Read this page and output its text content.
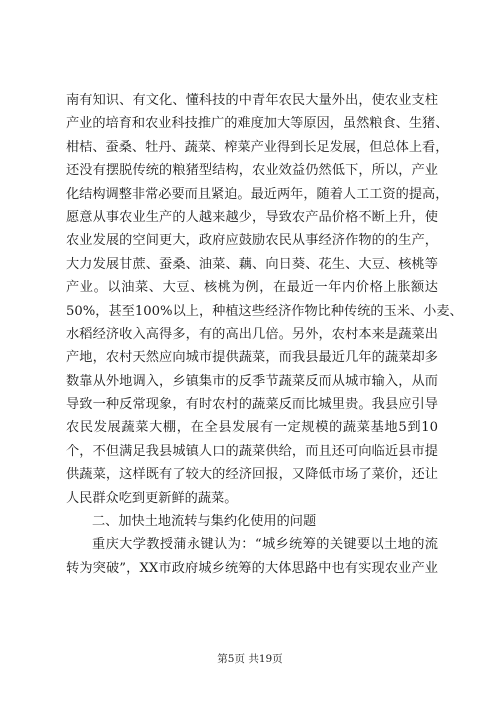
南有知识、有文化、懂科技的中青年农民大量外出，使农业支柱
产业的培育和农业科技推广的难度加大等原因，虽然粮食、生猪、
柑桔、蚕桑、牡丹、蔬菜、榨菜产业得到长足发展，但总体上看，
还没有摆脱传统的粮猪型结构，农业效益仍然低下，所以，产业
化结构调整非常必要而且紧迫。最近两年，随着人工工资的提高，
愿意从事农业生产的人越来越少，导致农产品价格不断上升，使
农业发展的空间更大，政府应鼓励农民从事经济作物的的生产，
大力发展甘蔗、蚕桑、油菜、藕、向日葵、花生、大豆、核桃等
产业。以油菜、大豆、核桃为例，在最近一年内价格上胀额达
50%，甚至100%以上，种植这些经济作物比种传统的玉米、小麦、
水稻经济收入高得多，有的高出几倍。另外，农村本来是蔬菜出
产地，农村天然应向城市提供蔬菜，而我县最近几年的蔬菜却多
数靠从外地调入，乡镇集市的反季节蔬菜反而从城市输入，从而
导致一种反常现象，有时农村的蔬菜反而比城里贵。我县应引导
农民发展蔬菜大棚，在全县发展有一定规模的蔬菜基地5到10
个，不但满足我县城镇人口的蔬菜供给，而且还可向临近县市提
供蔬菜，这样既有了较大的经济回报，又降低市场了菜价，还让
人民群众吃到更新鲜的蔬菜。
二、加快土地流转与集约化使用的问题
重庆大学教授蒲永键认为：“城乡统筹的关键要以土地的流
转为突破”，XX市政府城乡统筹的大体思路中也有实现农业产业
第5页 共19页
